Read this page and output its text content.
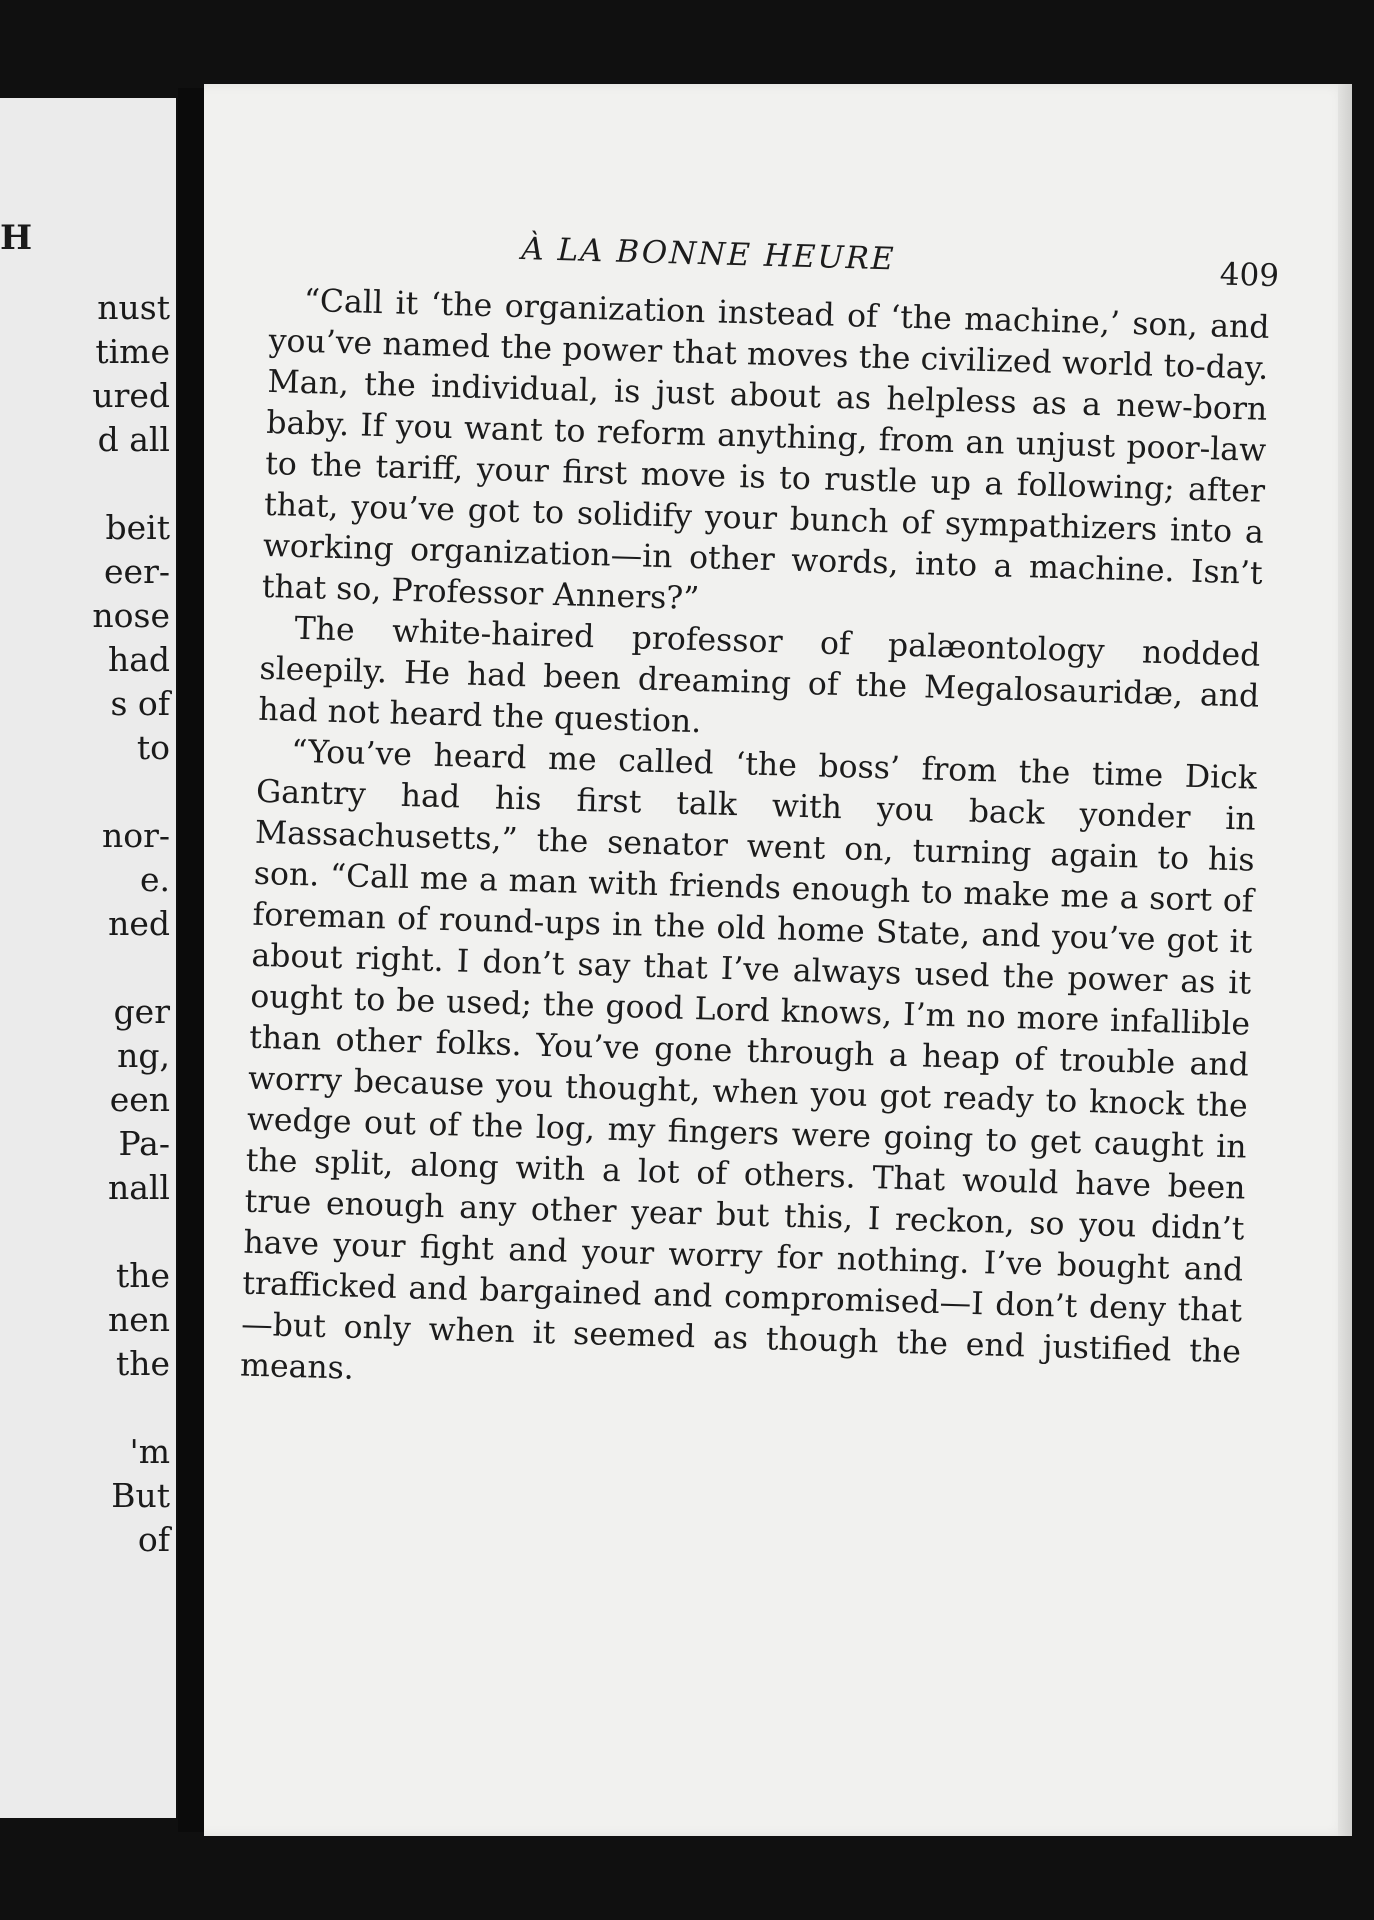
H
nust
time
ured
d all
beit
eer-
nose
had
s of
to
nor-
e.
ned
ger
ng,
een
Pa-
nall
the
nen
the
'm
But
of
À LA BONNE HEURE	409

“Call it ‘the organization instead of ‘the machine,’ son, and you’ve named the power that moves the civilized world to-day. Man, the individual, is just about as helpless as a new-born baby. If you want to reform anything, from an unjust poor-law to the tariff, your first move is to rustle up a following; after that, you’ve got to solidify your bunch of sympathizers into a working organization—in other words, into a machine. Isn’t that so, Professor Anners?”

The white-haired professor of palæontology nodded sleepily. He had been dreaming of the Megalosauridæ, and had not heard the question.

“You’ve heard me called ‘the boss’ from the time Dick Gantry had his first talk with you back yonder in Massachusetts,” the senator went on, turning again to his son. “Call me a man with friends enough to make me a sort of foreman of round-ups in the old home State, and you’ve got it about right. I don’t say that I’ve always used the power as it ought to be used; the good Lord knows, I’m no more infallible than other folks. You’ve gone through a heap of trouble and worry because you thought, when you got ready to knock the wedge out of the log, my fingers were going to get caught in the split, along with a lot of others. That would have been true enough any other year but this, I reckon, so you didn’t have your fight and your worry for nothing. I’ve bought and trafficked and bargained and compromised—I don’t deny that—but only when it seemed as though the end justified the means.
